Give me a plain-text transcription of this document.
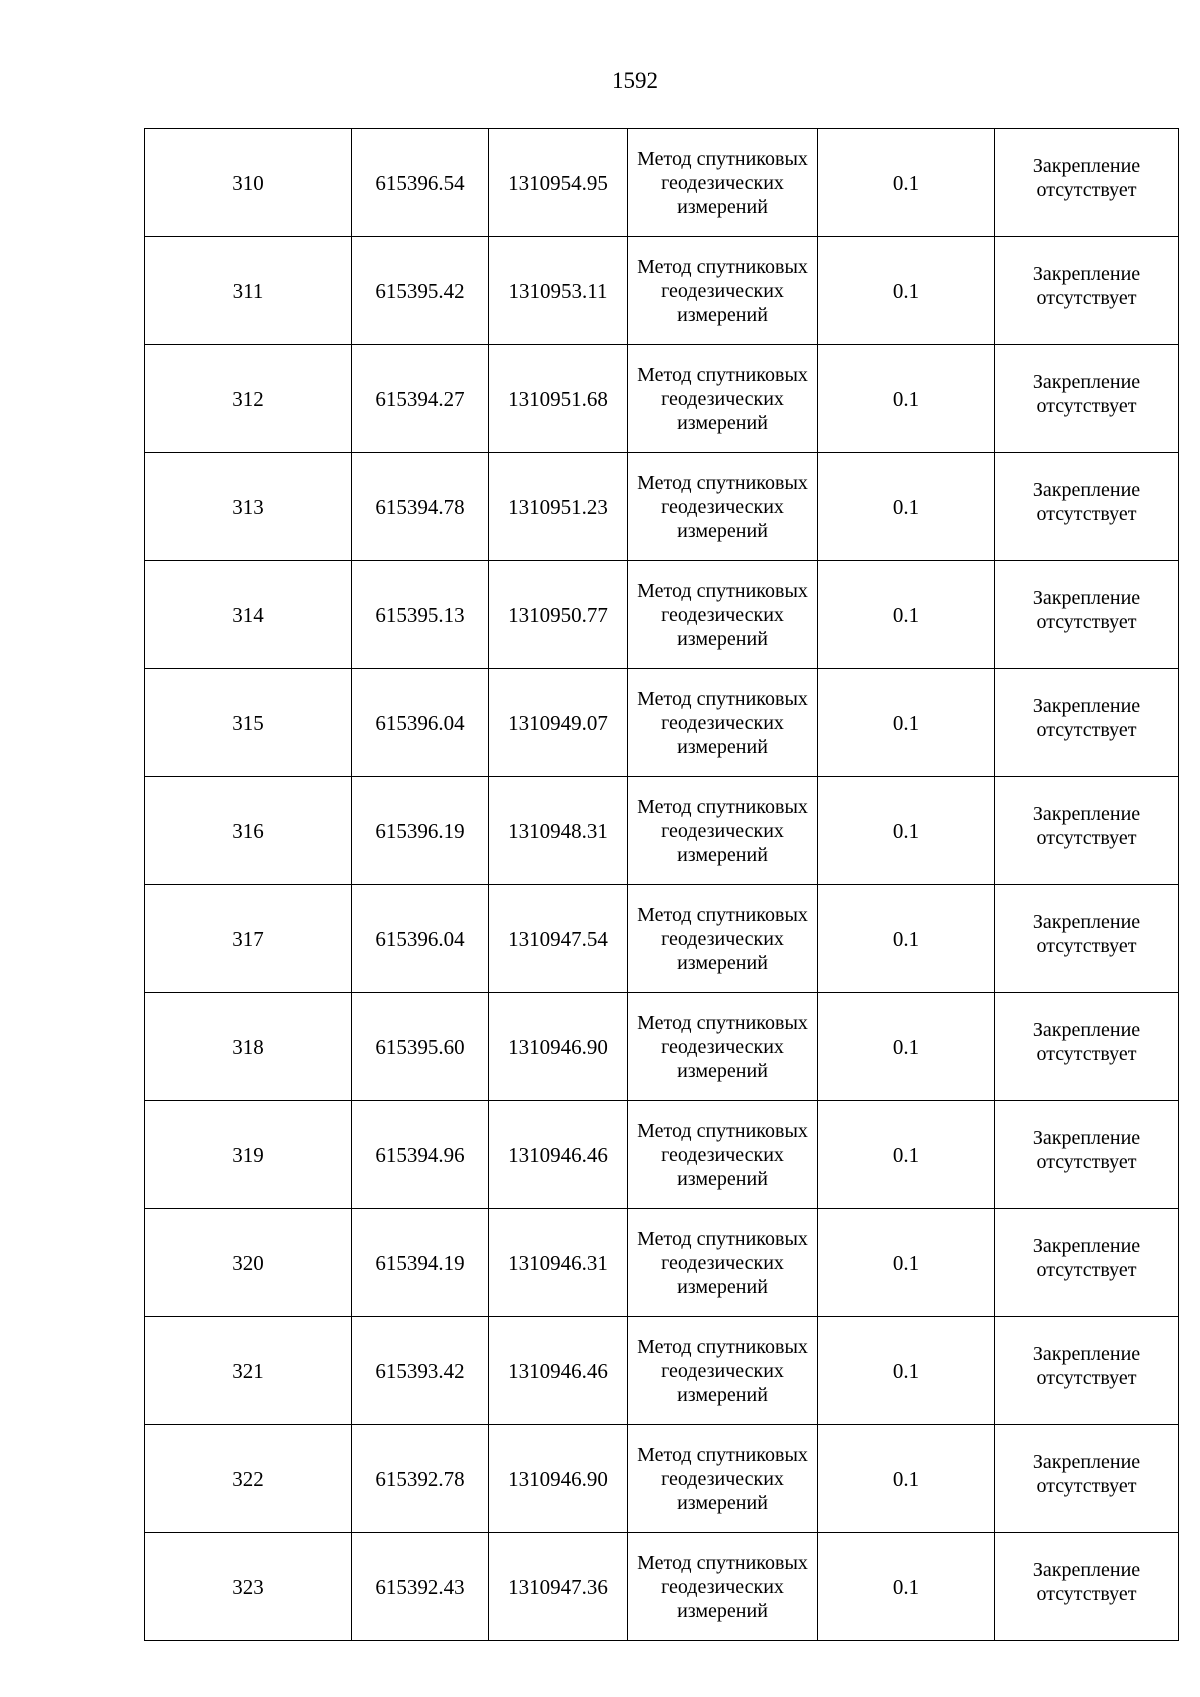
1592
310	615396.54	1310954.95	Метод спутниковых геодезических измерений	0.1	Закрепление отсутствует

311	615395.42	1310953.11	Метод спутниковых геодезических измерений	0.1	Закрепление отсутствует

312	615394.27	1310951.68	Метод спутниковых геодезических измерений	0.1	Закрепление отсутствует

313	615394.78	1310951.23	Метод спутниковых геодезических измерений	0.1	Закрепление отсутствует

314	615395.13	1310950.77	Метод спутниковых геодезических измерений	0.1	Закрепление отсутствует

315	615396.04	1310949.07	Метод спутниковых геодезических измерений	0.1	Закрепление отсутствует

316	615396.19	1310948.31	Метод спутниковых геодезических измерений	0.1	Закрепление отсутствует

317	615396.04	1310947.54	Метод спутниковых геодезических измерений	0.1	Закрепление отсутствует

318	615395.60	1310946.90	Метод спутниковых геодезических измерений	0.1	Закрепление отсутствует

319	615394.96	1310946.46	Метод спутниковых геодезических измерений	0.1	Закрепление отсутствует

320	615394.19	1310946.31	Метод спутниковых геодезических измерений	0.1	Закрепление отсутствует

321	615393.42	1310946.46	Метод спутниковых геодезических измерений	0.1	Закрепление отсутствует

322	615392.78	1310946.90	Метод спутниковых геодезических измерений	0.1	Закрепление отсутствует

323	615392.43	1310947.36	Метод спутниковых геодезических измерений	0.1	Закрепление отсутствует
